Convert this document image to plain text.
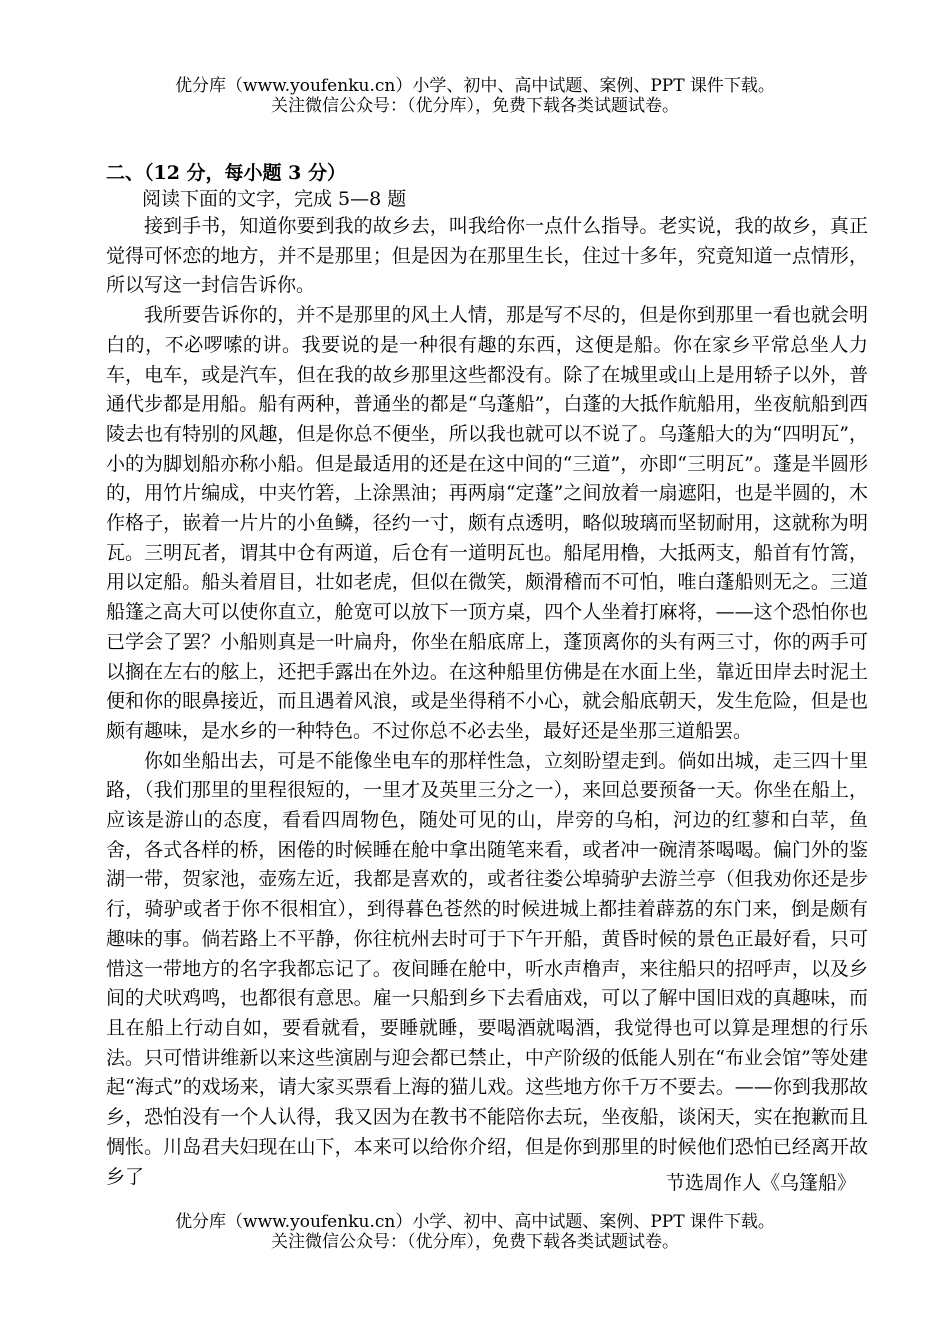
优分库（www.youfenku.cn）小学、初中、高中试题、案例、PPT 课件下载。
关注微信公众号：（优分库），免费下载各类试题试卷。
二、（12 分，每小题 3 分）
阅读下面的文字，完成 5—8 题

接到手书，知道你要到我的故乡去，叫我给你一点什么指导。老实说，我的故乡，真正觉得可怀恋的地方，并不是那里；但是因为在那里生长，住过十多年，究竟知道一点情形，所以写这一封信告诉你。

我所要告诉你的，并不是那里的风土人情，那是写不尽的，但是你到那里一看也就会明白的，不必啰嗦的讲。我要说的是一种很有趣的东西，这便是船。你在家乡平常总坐人力车，电车，或是汽车，但在我的故乡那里这些都没有。除了在城里或山上是用轿子以外，普通代步都是用船。船有两种，普通坐的都是“乌蓬船”，白蓬的大抵作航船用，坐夜航船到西陵去也有特别的风趣，但是你总不便坐，所以我也就可以不说了。乌蓬船大的为“四明瓦”，小的为脚划船亦称小船。但是最适用的还是在这中间的“三道”，亦即“三明瓦”。蓬是半圆形的，用竹片编成，中夹竹箬，上涂黑油；再两扇“定蓬”之间放着一扇遮阳，也是半圆的，木作格子，嵌着一片片的小鱼鳞，径约一寸，颇有点透明，略似玻璃而坚韧耐用，这就称为明瓦。三明瓦者，谓其中仓有两道，后仓有一道明瓦也。船尾用橹，大抵两支，船首有竹篙，用以定船。船头着眉目，壮如老虎，但似在微笑，颇滑稽而不可怕，唯白蓬船则无之。三道船篷之高大可以使你直立，舱宽可以放下一顶方桌，四个人坐着打麻将，——这个恐怕你也已学会了罢？小船则真是一叶扁舟，你坐在船底席上，蓬顶离你的头有两三寸，你的两手可以搁在左右的舷上，还把手露出在外边。在这种船里仿佛是在水面上坐，靠近田岸去时泥土便和你的眼鼻接近，而且遇着风浪，或是坐得稍不小心，就会船底朝天，发生危险，但是也颇有趣味，是水乡的一种特色。不过你总不必去坐，最好还是坐那三道船罢。

你如坐船出去，可是不能像坐电车的那样性急，立刻盼望走到。倘如出城，走三四十里路，（我们那里的里程很短的，一里才及英里三分之一），来回总要预备一天。你坐在船上，应该是游山的态度，看看四周物色，随处可见的山，岸旁的乌桕，河边的红蓼和白苹，鱼舍，各式各样的桥，困倦的时候睡在舱中拿出随笔来看，或者冲一碗清茶喝喝。偏门外的鉴湖一带，贺家池，壶殇左近，我都是喜欢的，或者往娄公埠骑驴去游兰亭（但我劝你还是步行，骑驴或者于你不很相宜），到得暮色苍然的时候进城上都挂着薜荔的东门来，倒是颇有趣味的事。倘若路上不平静，你往杭州去时可于下午开船，黄昏时候的景色正最好看，只可惜这一带地方的名字我都忘记了。夜间睡在舱中，听水声橹声，来往船只的招呼声，以及乡间的犬吠鸡鸣，也都很有意思。雇一只船到乡下去看庙戏，可以了解中国旧戏的真趣味，而且在船上行动自如，要看就看，要睡就睡，要喝酒就喝酒，我觉得也可以算是理想的行乐法。只可惜讲维新以来这些演剧与迎会都已禁止，中产阶级的低能人别在“布业会馆”等处建起“海式”的戏场来，请大家买票看上海的猫儿戏。这些地方你千万不要去。——你到我那故乡，恐怕没有一个人认得，我又因为在教书不能陪你去玩，坐夜船，谈闲天，实在抱歉而且惆怅。川岛君夫妇现在山下，本来可以给你介绍，但是你到那里的时候他们恐怕已经离开故乡了	节选周作人《乌篷船》
优分库（www.youfenku.cn）小学、初中、高中试题、案例、PPT 课件下载。
关注微信公众号：（优分库），免费下载各类试题试卷。
